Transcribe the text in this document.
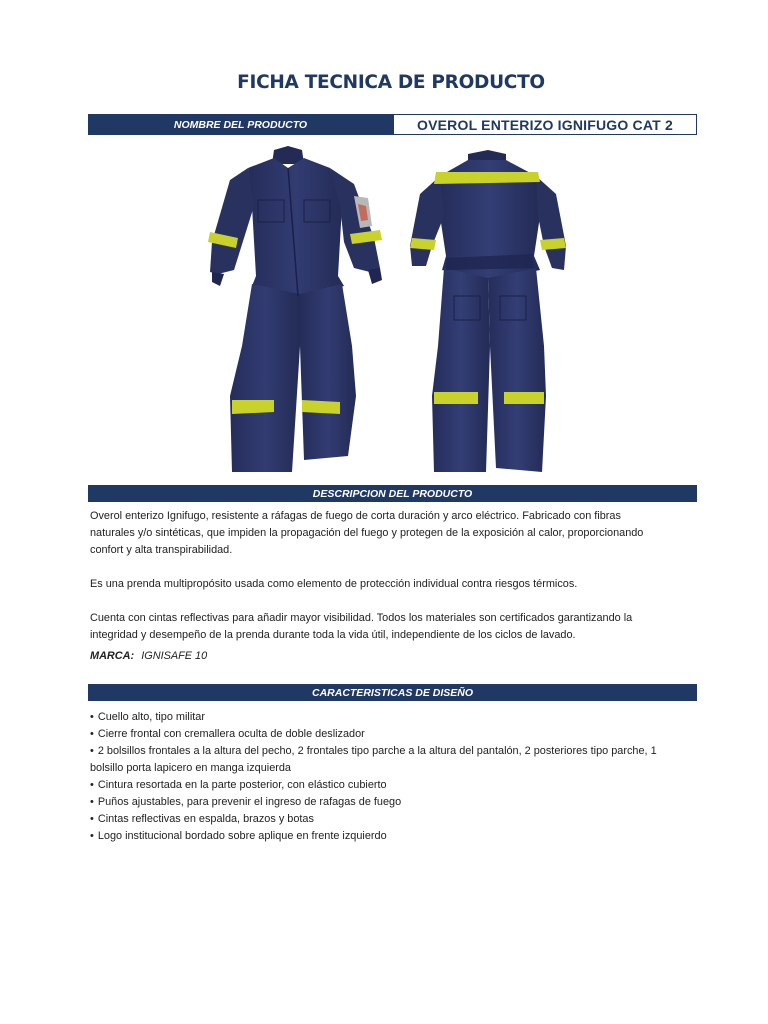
FICHA TECNICA DE PRODUCTO
NOMBRE DEL PRODUCTO	OVEROL ENTERIZO IGNIFUGO CAT 2
DESCRIPCION DEL PRODUCTO

Overol enterizo Ignifugo, resistente a ráfagas de fuego de corta duración y arco eléctrico. Fabricado con fibras
naturales y/o sintéticas, que impiden la propagación del fuego y protegen de la exposición al calor, proporcionando
confort y alta transpirabilidad.

Es una prenda multipropósito usada como elemento de protección individual contra riesgos térmicos.

Cuenta con cintas reflectivas para añadir mayor visibilidad. Todos los materiales son certificados garantizando la
integridad y desempeño de la prenda durante toda la vida útil, independiente de los ciclos de lavado.

MARCA: IGNISAFE 10
CARACTERISTICAS DE DISEÑO
• Cuello alto, tipo militar
• Cierre frontal con cremallera oculta de doble deslizador
• 2 bolsillos frontales a la altura del pecho, 2 frontales tipo parche a la altura del pantalón, 2 posteriores tipo parche, 1
bolsillo porta lapicero en manga izquierda
• Cintura resortada en la parte posterior, con elástico cubierto
• Puños ajustables, para prevenir el ingreso de rafagas de fuego
• Cintas reflectivas en espalda, brazos y botas
• Logo institucional bordado sobre aplique en frente izquierdo
